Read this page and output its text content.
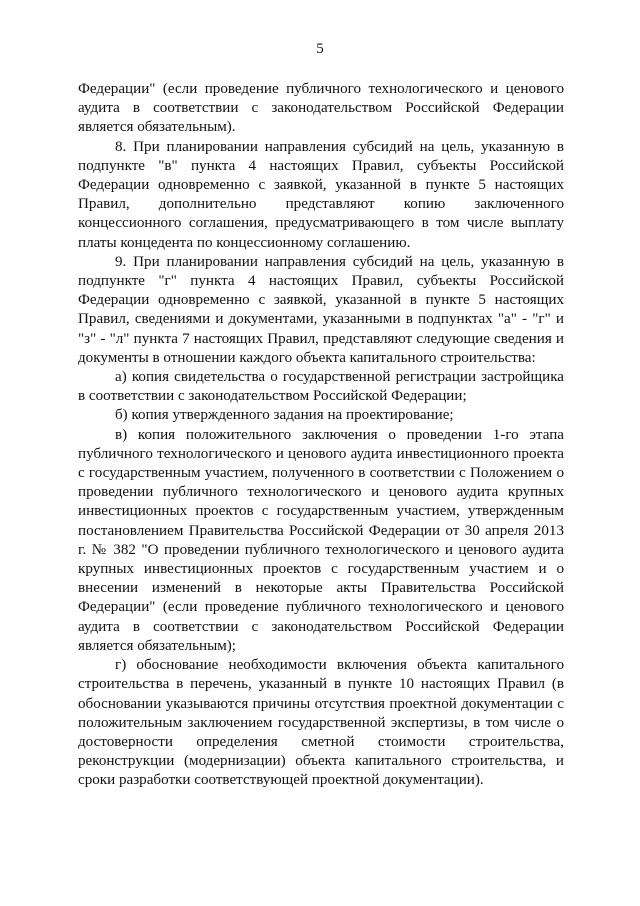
5

Федерации" (если проведение публичного технологического и ценового аудита в соответствии с законодательством Российской Федерации является обязательным).

8. При планировании направления субсидий на цель, указанную в подпункте "в" пункта 4 настоящих Правил, субъекты Российской Федерации одновременно с заявкой, указанной в пункте 5 настоящих Правил, дополнительно представляют копию заключенного концессионного соглашения, предусматривающего в том числе выплату платы концедента по концессионному соглашению.

9. При планировании направления субсидий на цель, указанную в подпункте "г" пункта 4 настоящих Правил, субъекты Российской Федерации одновременно с заявкой, указанной в пункте 5 настоящих Правил, сведениями и документами, указанными в подпунктах "а" - "г" и "з" - "л" пункта 7 настоящих Правил, представляют следующие сведения и документы в отношении каждого объекта капитального строительства:

а) копия свидетельства о государственной регистрации застройщика в соответствии с законодательством Российской Федерации;

б) копия утвержденного задания на проектирование;

в) копия положительного заключения о проведении 1-го этапа публичного технологического и ценового аудита инвестиционного проекта с государственным участием, полученного в соответствии с Положением о проведении публичного технологического и ценового аудита крупных инвестиционных проектов с государственным участием, утвержденным постановлением Правительства Российской Федерации от 30 апреля 2013 г. № 382 "О проведении публичного технологического и ценового аудита крупных инвестиционных проектов с государственным участием и о внесении изменений в некоторые акты Правительства Российской Федерации" (если проведение публичного технологического и ценового аудита в соответствии с законодательством Российской Федерации является обязательным);

г) обоснование необходимости включения объекта капитального строительства в перечень, указанный в пункте 10 настоящих Правил (в обосновании указываются причины отсутствия проектной документации с положительным заключением государственной экспертизы, в том числе о достоверности определения сметной стоимости строительства, реконструкции (модернизации) объекта капитального строительства, и сроки разработки соответствующей проектной документации).
